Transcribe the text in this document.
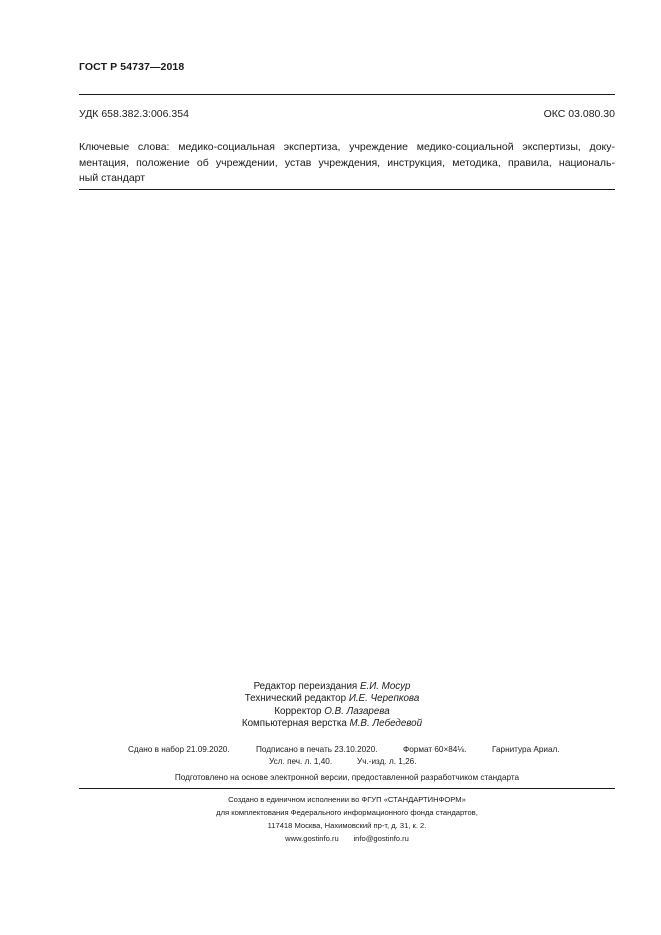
ГОСТ Р 54737—2018
УДК 658.382.3:006.354	ОКС 03.080.30
Ключевые слова: медико-социальная экспертиза, учреждение медико-социальной экспертизы, доку-
ментация, положение об учреждении, устав учреждения, инструкция, методика, правила, националь-
ный стандарт
Редактор переиздания Е.И. Мосур
Технический редактор И.Е. Черепкова
Корректор О.В. Лазарева
Компьютерная верстка М.В. Лебедевой
Сдано в набор 21.09.2020.	Подписано в печать 23.10.2020.	Формат 60×84⅛.	Гарнитура Ариал.
Усл. печ. л. 1,40.	Уч.-изд. л. 1,26.
Подготовлено на основе электронной версии, предоставленной разработчиком стандарта
Создано в единичном исполнении во ФГУП «СТАНДАРТИНФОРМ»
для комплектования Федерального информационного фонда стандартов,
117418 Москва, Нахимовский пр-т, д. 31, к. 2.
www.gostinfo.ru info@gostinfo.ru
